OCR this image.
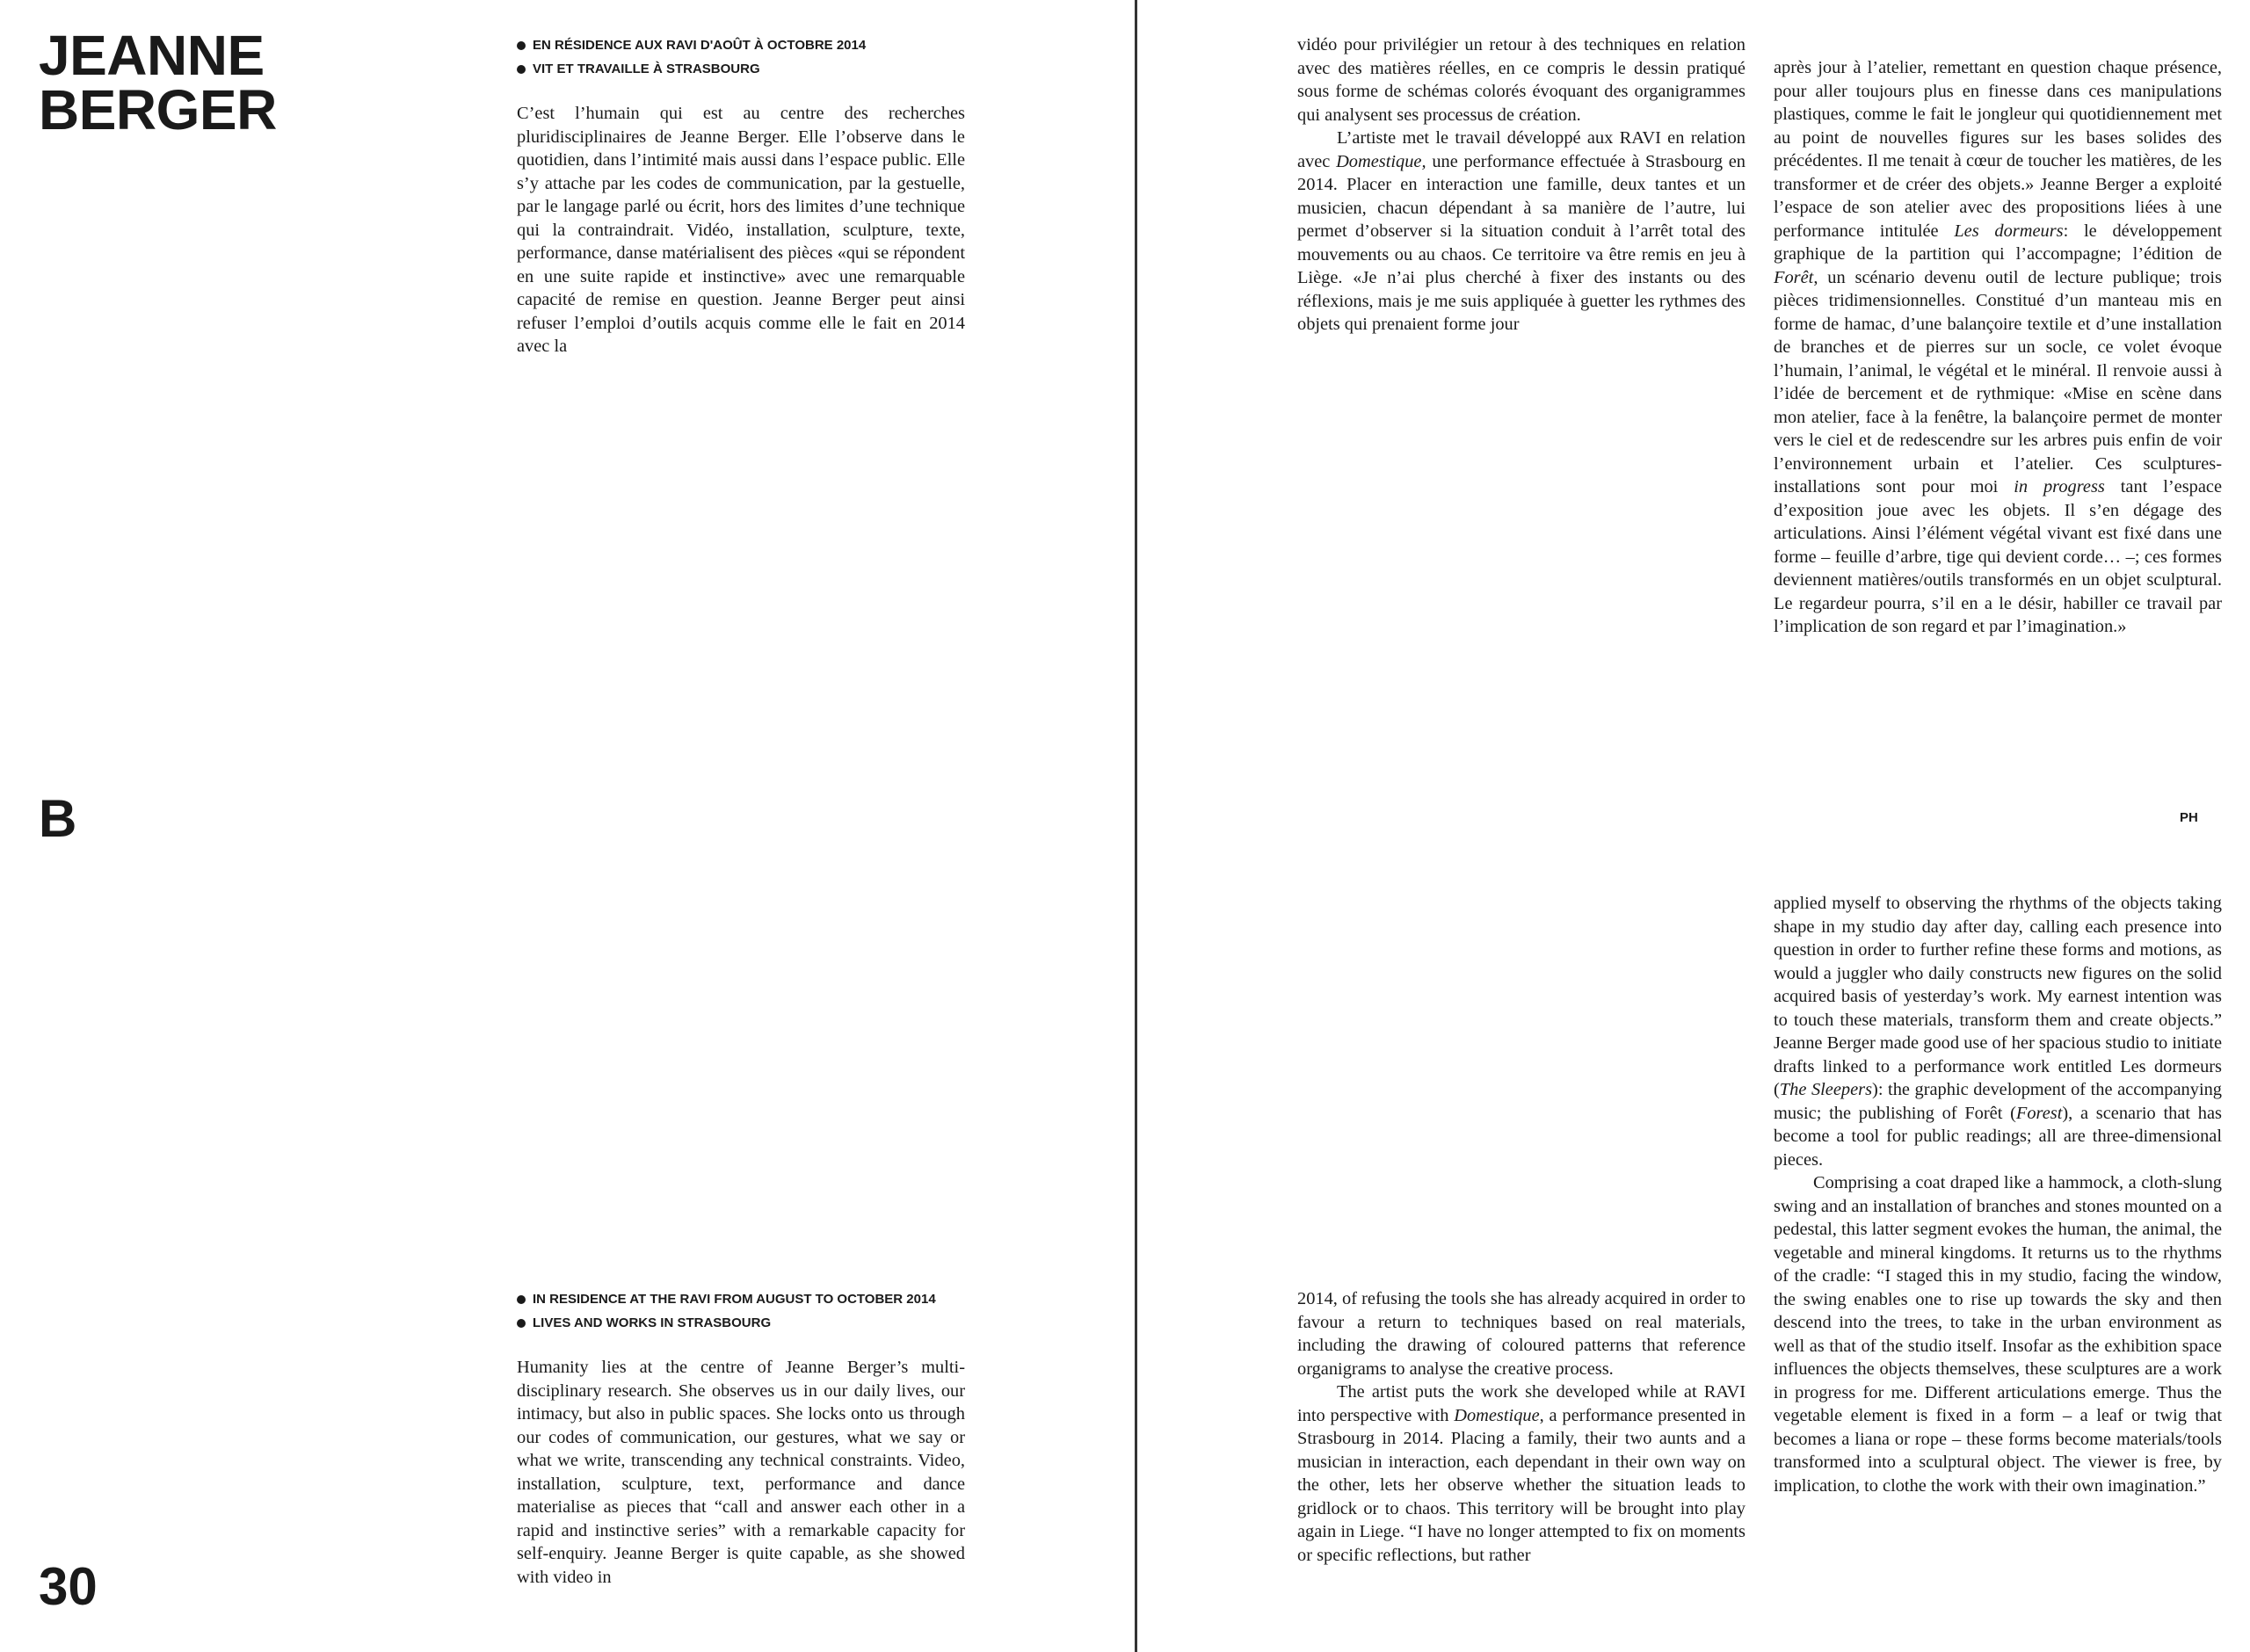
JEANNE
BERGER
B
30
EN RÉSIDENCE AUX RAVI D'AOÛT À OCTOBRE 2014
VIT ET TRAVAILLE À STRASBOURG

C’est l’humain qui est au centre des recherches pluridisciplinaires de Jeanne Berger. Elle l’observe dans le quotidien, dans l’intimité mais aussi dans l’espace public. Elle s’y attache par les codes de communication, par la gestuelle, par le langage parlé ou écrit, hors des limites d’une technique qui la contraindrait. Vidéo, installation, sculpture, texte, performance, danse matérialisent des pièces «qui se répondent en une suite rapide et instinctive» avec une remarquable capacité de remise en question. Jeanne Berger peut ainsi refuser l’emploi d’outils acquis comme elle le fait en 2014 avec la

vidéo pour privilégier un retour à des techniques en relation avec des matières réelles, en ce compris le dessin pratiqué sous forme de schémas colorés évoquant des organigrammes qui analysent ses processus de création.

L’artiste met le travail développé aux RAVI en relation avec Domestique, une performance effectuée à Strasbourg en 2014. Placer en interaction une famille, deux tantes et un musicien, chacun dépendant à sa manière de l’autre, lui permet d’observer si la situation conduit à l’arrêt total des mouvements ou au chaos. Ce territoire va être remis en jeu à Liège. «Je n’ai plus cherché à fixer des instants ou des réflexions, mais je me suis appliquée à guetter les rythmes des objets qui prenaient forme jour

après jour à l’atelier, remettant en question chaque présence, pour aller toujours plus en finesse dans ces manipulations plastiques, comme le fait le jongleur qui quotidiennement met au point de nouvelles figures sur les bases solides des précédentes. Il me tenait à cœur de toucher les matières, de les transformer et de créer des objets.» Jeanne Berger a exploité l’espace de son atelier avec des propositions liées à une performance intitulée Les dormeurs: le développement graphique de la partition qui l’accompagne; l’édition de Forêt, un scénario devenu outil de lecture publique; trois pièces tridimensionnelles. Constitué d’un manteau mis en forme de hamac, d’une balançoire textile et d’une installation de branches et de pierres sur un socle, ce volet évoque l’humain, l’animal, le végétal et le minéral. Il renvoie aussi à l’idée de bercement et de rythmique: «Mise en scène dans mon atelier, face à la fenêtre, la balançoire permet de monter vers le ciel et de redescendre sur les arbres puis enfin de voir l’environnement urbain et l’atelier. Ces sculptures-installations sont pour moi in progress tant l’espace d’exposition joue avec les objets. Il s’en dégage des articulations. Ainsi l’élément végétal vivant est fixé dans une forme – feuille d’arbre, tige qui devient corde… –; ces formes deviennent matières/outils transformés en un objet sculptural. Le regardeur pourra, s’il en a le désir, habiller ce travail par l’implication de son regard et par l’imagination.»

PH
IN RESIDENCE AT THE RAVI FROM AUGUST TO OCTOBER 2014
LIVES AND WORKS IN STRASBOURG

Humanity lies at the centre of Jeanne Berger’s multi-disciplinary research. She observes us in our daily lives, our intimacy, but also in public spaces. She locks onto us through our codes of communication, our gestures, what we say or what we write, transcending any technical constraints. Video, installation, sculpture, text, performance and dance materialise as pieces that “call and answer each other in a rapid and instinctive series” with a remarkable capacity for self-enquiry. Jeanne Berger is quite capable, as she showed with video in

2014, of refusing the tools she has already acquired in order to favour a return to techniques based on real materials, including the drawing of coloured patterns that reference organigrams to analyse the creative process.

The artist puts the work she developed while at RAVI into perspective with Domestique, a performance presented in Strasbourg in 2014. Placing a family, their two aunts and a musician in interaction, each dependant in their own way on the other, lets her observe whether the situation leads to gridlock or to chaos. This territory will be brought into play again in Liege. “I have no longer attempted to fix on moments or specific reflections, but rather

applied myself to observing the rhythms of the objects taking shape in my studio day after day, calling each presence into question in order to further refine these forms and motions, as would a juggler who daily constructs new figures on the solid acquired basis of yesterday’s work. My earnest intention was to touch these materials, transform them and create objects.” Jeanne Berger made good use of her spacious studio to initiate drafts linked to a performance work entitled Les dormeurs (The Sleepers): the graphic development of the accompanying music; the publishing of Forêt (Forest), a scenario that has become a tool for public readings; all are three-dimensional pieces.

Comprising a coat draped like a hammock, a cloth-slung swing and an installation of branches and stones mounted on a pedestal, this latter segment evokes the human, the animal, the vegetable and mineral kingdoms. It returns us to the rhythms of the cradle: “I staged this in my studio, facing the window, the swing enables one to rise up towards the sky and then descend into the trees, to take in the urban environment as well as that of the studio itself. Insofar as the exhibition space influences the objects themselves, these sculptures are a work in progress for me. Different articulations emerge. Thus the vegetable element is fixed in a form – a leaf or twig that becomes a liana or rope – these forms become materials/tools transformed into a sculptural object. The viewer is free, by implication, to clothe the work with their own imagination.”
